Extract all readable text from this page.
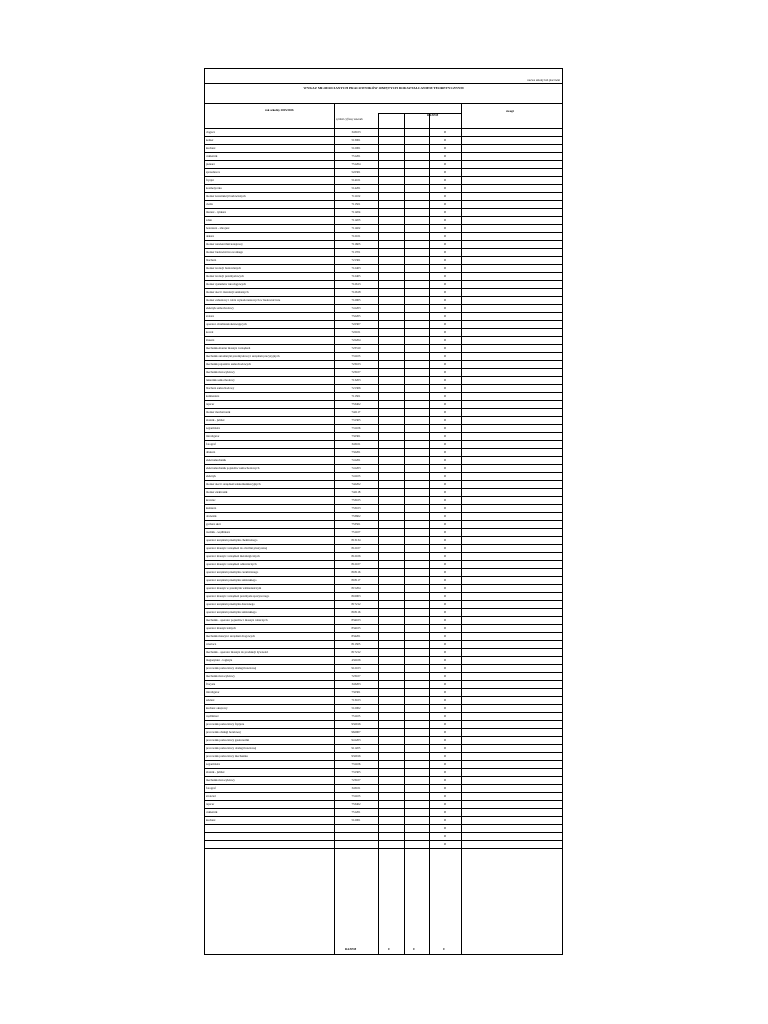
nazwa szkoły lub placówki
WYKAZ MŁODOCIANYCH PRACOWNIKÓW OBJĘTYCH DOKSZTAŁCANIEM TEORETYCZNYM
rok szkolny 2025/2026
symbol cyfrowy zawodu
RAZEM
uwagi
ciągacz	343103	0
kelner	513001	0
kucharz	512001	0
cukiernik	751201	0
piekarz	751204	0
sprzedawca	522301	0
fryzjer	514101	0
kosmetyczka	514201	0
monter konstrukcji budowlanych	711102	0
cieśla	711501	0
murarz - tynkarz	711204	0
zdun	711203	0
betoniarz - zbrojarz	711402	0
dekarz	712101	0
monter nawierzchni kolejowej	711603	0
monter budownictwa wodnego	711701	0
blacharz	721301	0
monter izolacji budowlanych	712403	0
monter izolacji przemysłowych	712405	0
monter systemów rurociągowych	712613	0
monter sieci i instalacji sanitarnych	712618	0
monter zabudowy i robót wykończeniowych w budownictwie	712905	0
elektryk samochodowy	741203	0
stolarz	752205	0
operator obrabiarek skrawających	722307	0
kowal	722101	0
ślusarz	722204	0
mechanik-monter maszyn i urządzeń	723310	0
mechanik automatyki przemysłowej i urządzeń precyzyjnych	731103	0
mechanik pojazdów samochodowych	723103	0
mechanik motocyklowy	723107	0
lakiernik samochodowy	713203	0
blacharz samochodowy	721306	0
kamieniarz	711301	0
tapicer	753402	0
monter mechatronik	742117	0
złotnik - jubiler	731305	0
zegarmistrz	731106	0
introligator	732301	0
fotograf	343101	0
drukarz	732201	0
elektromechanik	741201	0
elektromechanik pojazdów samochodowych	741203	0
elektryk	741103	0
monter sieci i urządzeń telekomunikacyjnych	742202	0
monter elektronik	742118	0
krawiec	753105	0
kuśnierz	753103	0
obuwnik	753602	0
garbarz skór	753501	0
rzeźnik - wędliniarz	751107	0
operator urządzeń przemysłu chemicznego	813134	0
operator maszyn i urządzeń do obróbki plastycznej	812107	0
operator maszyn i urządzeń metalurgicznych	812106	0
operator maszyn i urządzeń odlewniczych	812107	0
operator urządzeń przemysłu ceramicznego	818116	0
operator urządzeń przemysłu szklarskiego	818117	0
operator maszyn w przemyśle włókienniczym	815204	0
operator maszyn i urządzeń przemysłu spożywczego	816003	0
operator urządzeń przemysłu drzewnego	817212	0
operator urządzeń przemysłu szklarskiego	818116	0
mechanik - operator pojazdów i maszyn rolniczych	834103	0
operator maszyn leśnych	834105	0
mechanik maszyn i urządzeń drogowych	834201	0
wiertacz	811305	0
mechanik - operator maszyn do produkcji żywności	817212	0
magazynier - logistyk	432106	0
pracownik pomocniczy obsługi hotelowej	912103	0
mechanik motocyklowy	723107	0
florysta	343203	0
introligator	732301	0
szklarz	713103	0
kucharz okrętowy	512002	0
wędliniarz	751105	0
pracownik pomocniczy fryzjera	932916	0
pracownik obsługi hotelowej	962907	0
pracownik pomocniczy gastronomii	941203	0
pracownik pomocniczy obsługi hotelowej	911205	0
pracownik pomocniczy mechanika	932916	0
zegarmistrz	731106	0
złotnik - jubiler	731305	0
mechanik motocyklowy	723107	0
fotograf	343101	0
stroiciel	731103	0
tapicer	753402	0
cukiernik	751201	0
kucharz	512001	0
0
0
0
RAZEM	0	0	0
